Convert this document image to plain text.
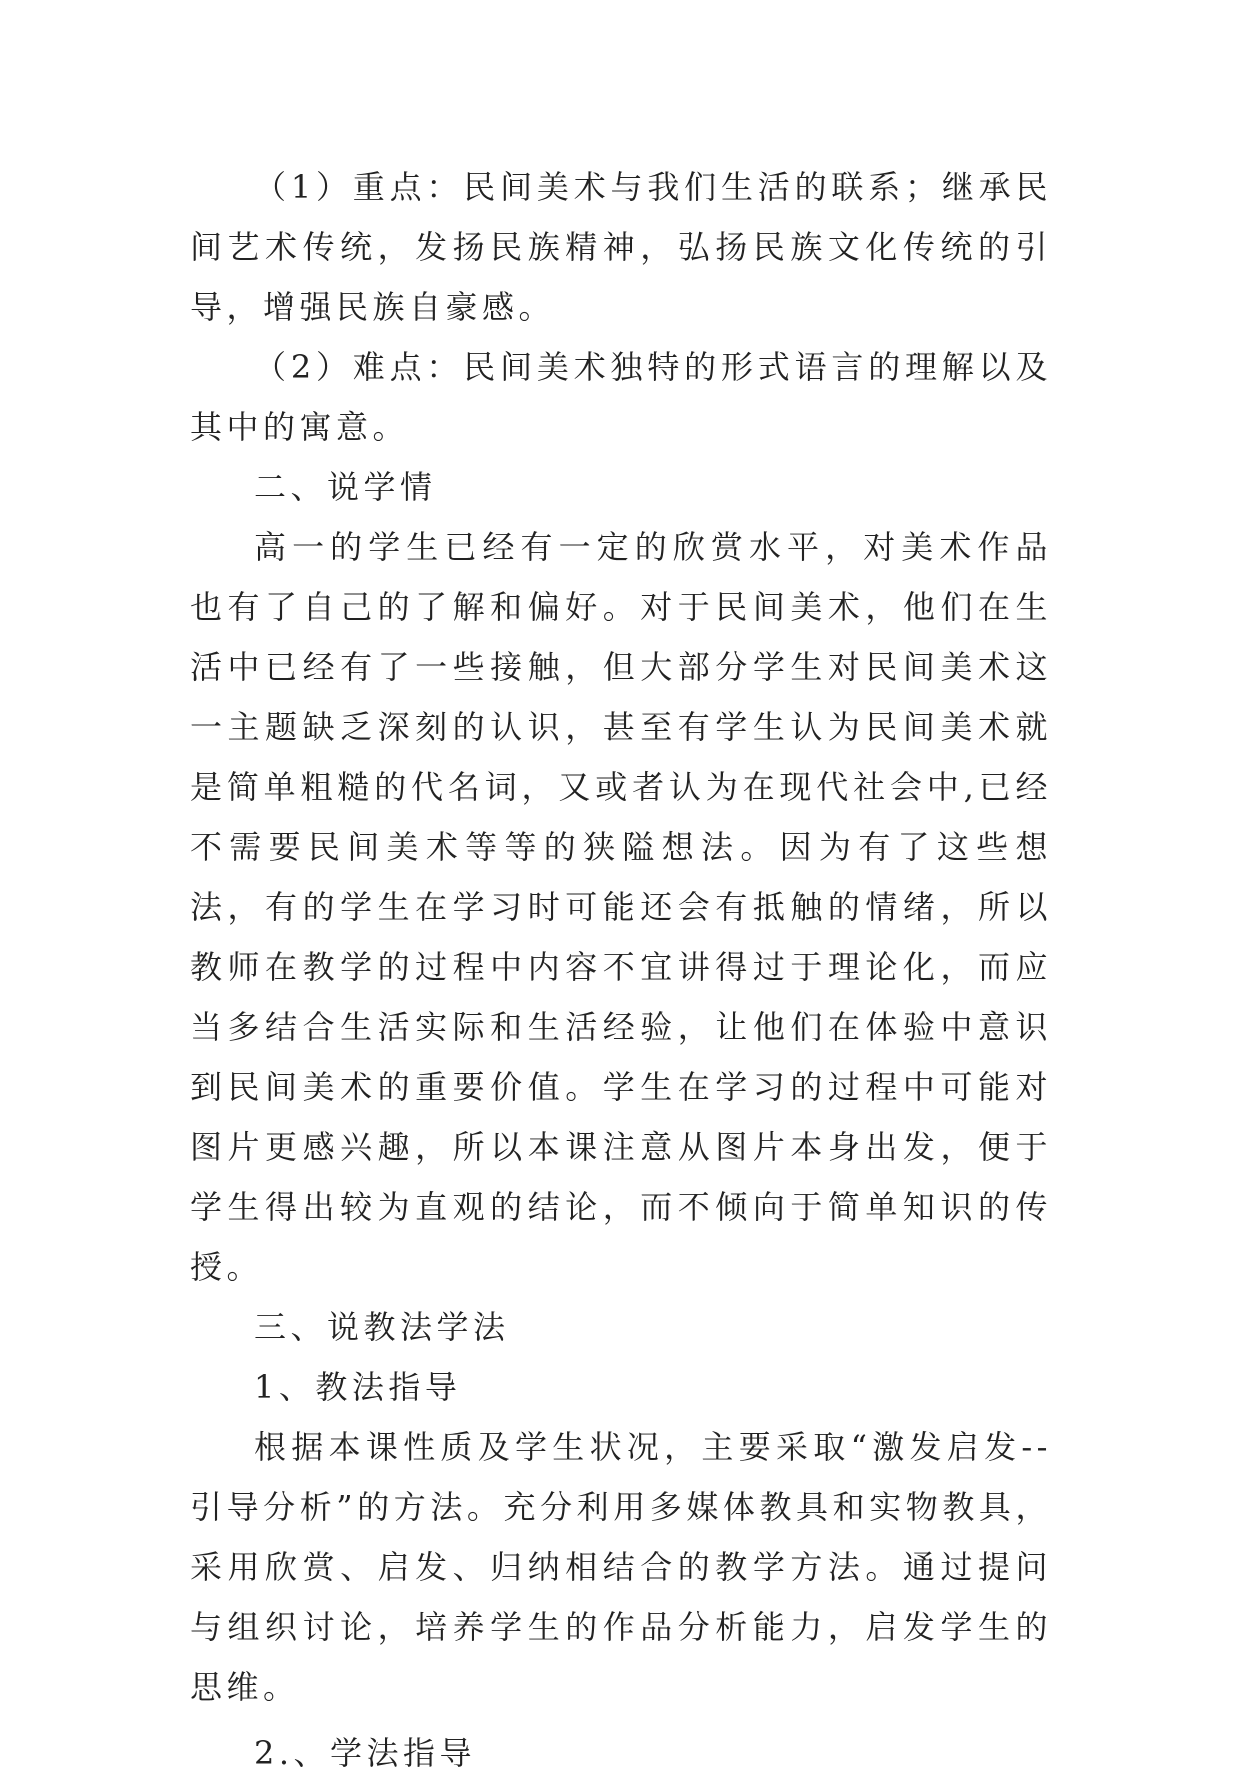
（1）重点：民间美术与我们生活的联系；继承民间艺术传统，发扬民族精神，弘扬民族文化传统的引导，增强民族自豪感。

（2）难点：民间美术独特的形式语言的理解以及其中的寓意。

二、说学情

高一的学生已经有一定的欣赏水平，对美术作品也有了自己的了解和偏好。对于民间美术，他们在生活中已经有了一些接触，但大部分学生对民间美术这一主题缺乏深刻的认识，甚至有学生认为民间美术就是简单粗糙的代名词，又或者认为在现代社会中,已经不需要民间美术等等的狭隘想法。因为有了这些想法，有的学生在学习时可能还会有抵触的情绪，所以教师在教学的过程中内容不宜讲得过于理论化，而应当多结合生活实际和生活经验，让他们在体验中意识到民间美术的重要价值。学生在学习的过程中可能对图片更感兴趣，所以本课注意从图片本身出发，便于学生得出较为直观的结论，而不倾向于简单知识的传授。

三、说教法学法

1、教法指导

根据本课性质及学生状况，主要采取“激发启发--引导分析”的方法。充分利用多媒体教具和实物教具，采用欣赏、启发、归纳相结合的教学方法。通过提问与组织讨论，培养学生的作品分析能力，启发学生的思维。

2.、学法指导
